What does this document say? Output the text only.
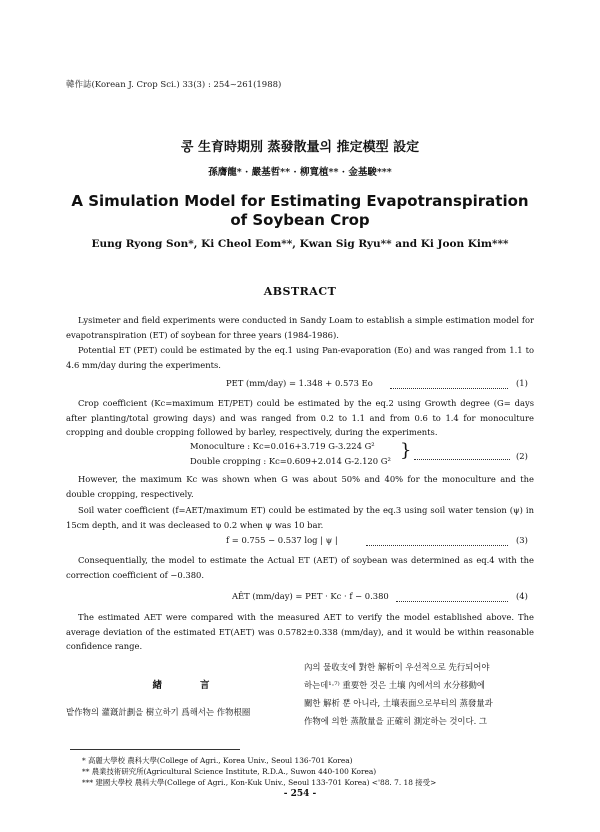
韓作誌(Korean J. Crop Sci.) 33(3) : 254~261(1988)
콩 生育時期別 蒸發散量의 推定模型 設定
孫膺龍* · 嚴基哲** · 柳寬植** · 金基駿***
A Simulation Model for Estimating Evapotranspiration
of Soybean Crop
Eung Ryong Son*, Ki Cheol Eom**, Kwan Sig Ryu** and Ki Joon Kim***
ABSTRACT
Lysimeter and field experiments were conducted in Sandy Loam to establish a simple estimation model for evapotranspiration (ET) of soybean for three years (1984-1986).
Potential ET (PET) could be estimated by the eq.1 using Pan-evaporation (Eo) and was ranged from 1.1 to 4.6 mm/day during the experiments.
PET (mm/day) = 1.348 + 0.573 Eo	(1)
Crop coefficient (Kc=maximum ET/PET) could be estimated by the eq.2 using Growth degree (G= days after planting/total growing days) and was ranged from 0.2 to 1.1 and from 0.6 to 1.4 for monoculture cropping and double cropping followed by barley, respectively, during the experiments.
Monoculture : Kc=0.016+3.719 G-3.224 G²
Double cropping : Kc=0.609+2.014 G-2.120 G² }	(2)
However, the maximum Kc was shown when G was about 50% and 40% for the monoculture and the double cropping, respectively.
Soil water coefficient (f=AET/maximum ET) could be estimated by the eq.3 using soil water tension (ψ) in 15cm depth, and it was decleased to 0.2 when ψ was 10 bar.
f = 0.755 − 0.537 log | ψ |	(3)
Consequentially, the model to estimate the Actual ET (AET) of soybean was determined as eq.4 with the correction coefficient of −0.380.
AÊT (mm/day) = PET · Kc · f − 0.380	(4)
The estimated AET were compared with the measured AET to verify the model established above. The average deviation of the estimated ET(AET) was 0.5782±0.338 (mm/day), and it would be within reasonable confidence range.
緖　　　　言
밭作物의 灌漑計劃을 樹立하기 爲해서는 作物根圈
內의 물收支에 對한 解析이 우선적으로 先行되어야
하는데¹·⁷⁾ 重要한 것은 土壤 內에서의 水分移動에
關한 解析 뿐 아니라, 土壤表面으로부터의 蒸發量과
作物에 의한 蒸散量을 正確히 測定하는 것이다. 그
* 高麗大學校 農科大學(College of Agri., Korea Univ., Seoul 136-701 Korea)
** 農業技術研究所(Agricultural Science Institute, R.D.A., Suwon 440-100 Korea)
*** 建國大學校 農科大學(College of Agri., Kon-Kuk Univ., Seoul 133-701 Korea) <'88. 7. 18 接受>
- 254 -
